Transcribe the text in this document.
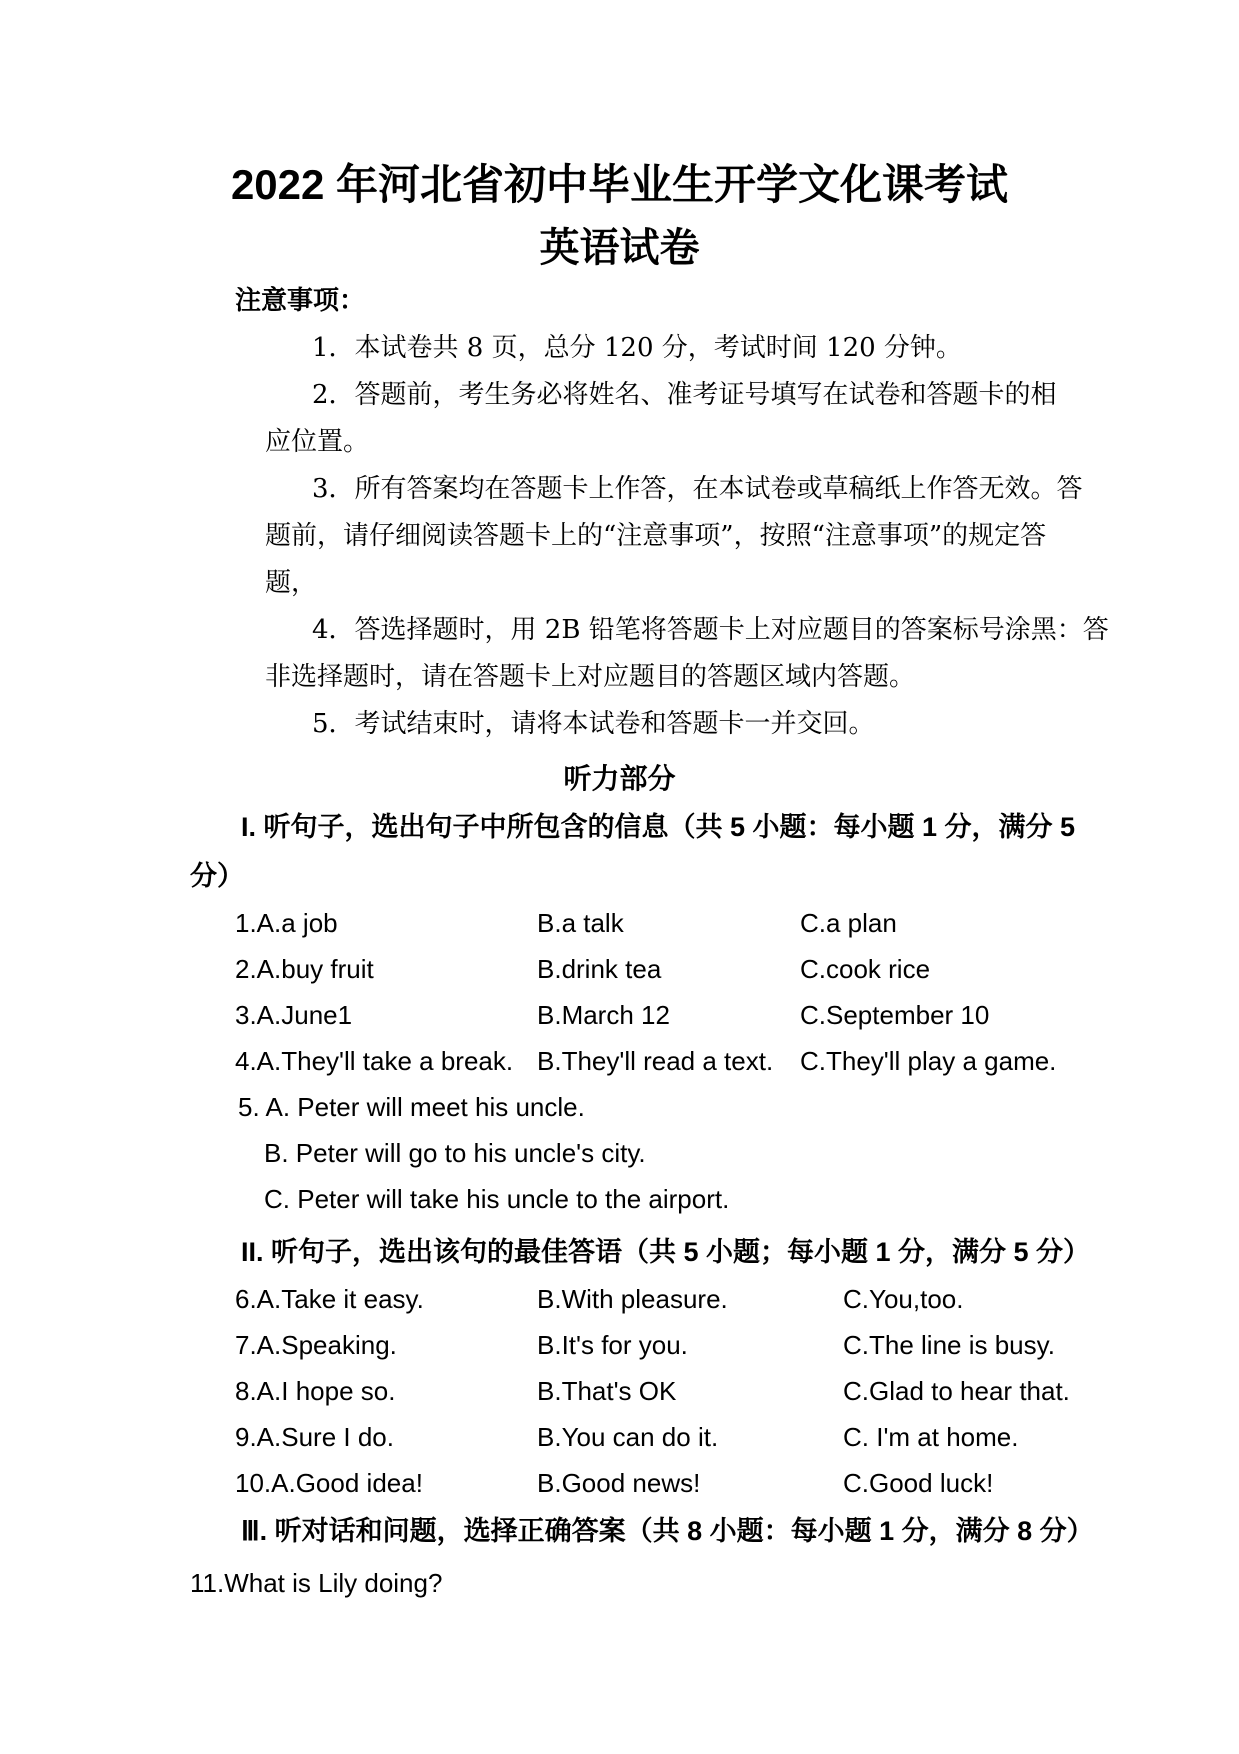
2022 年河北省初中毕业生开学文化课考试
英语试卷
注意事项：
1．本试卷共 8 页，总分 120 分，考试时间 120 分钟。
2．答题前，考生务必将姓名、准考证号填写在试卷和答题卡的相
应位置。
3．所有答案均在答题卡上作答，在本试卷或草稿纸上作答无效。答
题前，请仔细阅读答题卡上的“注意事项”，按照“注意事项”的规定答
题，
4．答选择题时，用 2B 铅笔将答题卡上对应题目的答案标号涂黑：答
非选择题时，请在答题卡上对应题目的答题区域内答题。
5．考试结束时，请将本试卷和答题卡一并交回。
听力部分
I. 听句子，选出句子中所包含的信息（共 5 小题：每小题 1 分，满分 5
分）
1.A.a job	B.a talk	C.a plan
2.A.buy fruit	B.drink tea	C.cook rice
3.A.June1	B.March 12	C.September 10
4.A.They'll take a break. B.They'll read a text. C.They'll play a game.
5. A. Peter will meet his uncle.
B. Peter will go to his uncle's city.
C. Peter will take his uncle to the airport.
II. 听句子，选出该句的最佳答语（共 5 小题；每小题 1 分，满分 5 分）
6.A.Take it easy.	B.With pleasure.	C.You,too.
7.A.Speaking.	B.It's for you.	C.The line is busy.
8.A.I hope so.	B.That's OK	C.Glad to hear that.
9.A.Sure I do.	B.You can do it.	C. I'm at home.
10.A.Good idea!	B.Good news!	C.Good luck!
Ⅲ. 听对话和问题，选择正确答案（共 8 小题：每小题 1 分，满分 8 分）
11.What is Lily doing?
